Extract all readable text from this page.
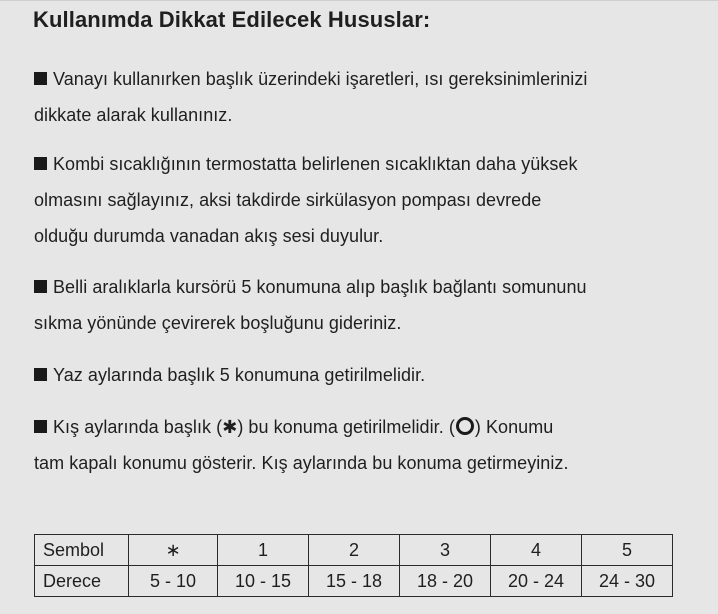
Kullanımda Dikkat Edilecek Hususlar:
Vanayı kullanırken başlık üzerindeki işaretleri, ısı gereksinimlerinizi
dikkate alarak kullanınız.
Kombi sıcaklığının termostatta belirlenen sıcaklıktan daha yüksek
olmasını sağlayınız, aksi takdirde sirkülasyon pompası devrede
olduğu durumda vanadan akış sesi duyulur.
Belli aralıklarla kursörü 5 konumuna alıp başlık bağlantı somununu
sıkma yönünde çevirerek boşluğunu gideriniz.
Yaz aylarında başlık 5 konumuna getirilmelidir.
Kış aylarında başlık (✱) bu konuma getirilmelidir. ( ) Konumu
tam kapalı konumu gösterir. Kış aylarında bu konuma getirmeyiniz.
Sembol	∗	1	2	3	4	5
Derece	5 - 10	10 - 15	15 - 18	18 - 20	20 - 24	24 - 30
